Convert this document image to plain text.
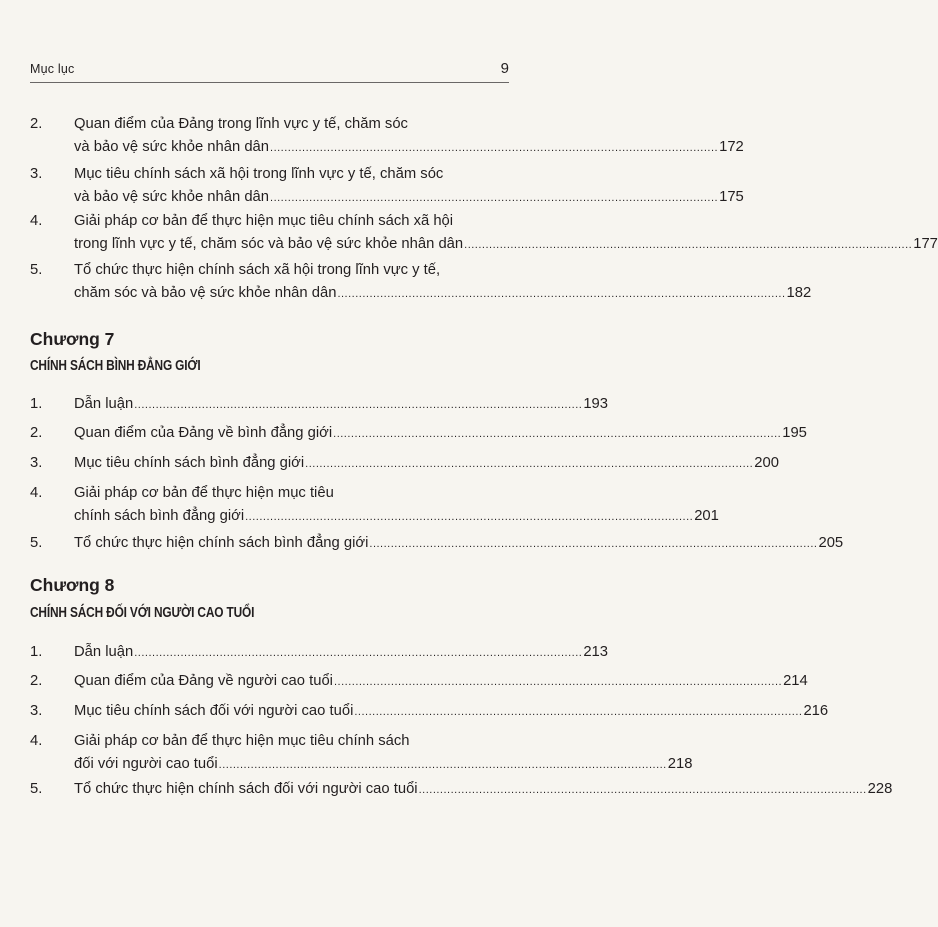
Mục lục	9
2. Quan điểm của Đảng trong lĩnh vực y tế, chăm sóc
và bảo vệ sức khỏe nhân dân .............................................................................................................................. 172
3. Mục tiêu chính sách xã hội trong lĩnh vực y tế, chăm sóc
và bảo vệ sức khỏe nhân dân .............................................................................................................................. 175
4. Giải pháp cơ bản để thực hiện mục tiêu chính sách xã hội
trong lĩnh vực y tế, chăm sóc và bảo vệ sức khỏe nhân dân .............................................................................................................................. 177
5. Tổ chức thực hiện chính sách xã hội trong lĩnh vực y tế,
chăm sóc và bảo vệ sức khỏe nhân dân .............................................................................................................................. 182
Chương 7
CHÍNH SÁCH BÌNH ĐẲNG GIỚI
1. Dẫn luận .............................................................................................................................. 193
2. Quan điểm của Đảng về bình đẳng giới .............................................................................................................................. 195
3. Mục tiêu chính sách bình đẳng giới .............................................................................................................................. 200
4. Giải pháp cơ bản để thực hiện mục tiêu
chính sách bình đẳng giới .............................................................................................................................. 201
5. Tổ chức thực hiện chính sách bình đẳng giới .............................................................................................................................. 205
Chương 8
CHÍNH SÁCH ĐỐI VỚI NGƯỜI CAO TUỔI
1. Dẫn luận .............................................................................................................................. 213
2. Quan điểm của Đảng về người cao tuổi .............................................................................................................................. 214
3. Mục tiêu chính sách đối với người cao tuổi .............................................................................................................................. 216
4. Giải pháp cơ bản để thực hiện mục tiêu chính sách
đối với người cao tuổi .............................................................................................................................. 218
5. Tổ chức thực hiện chính sách đối với người cao tuổi .............................................................................................................................. 228
